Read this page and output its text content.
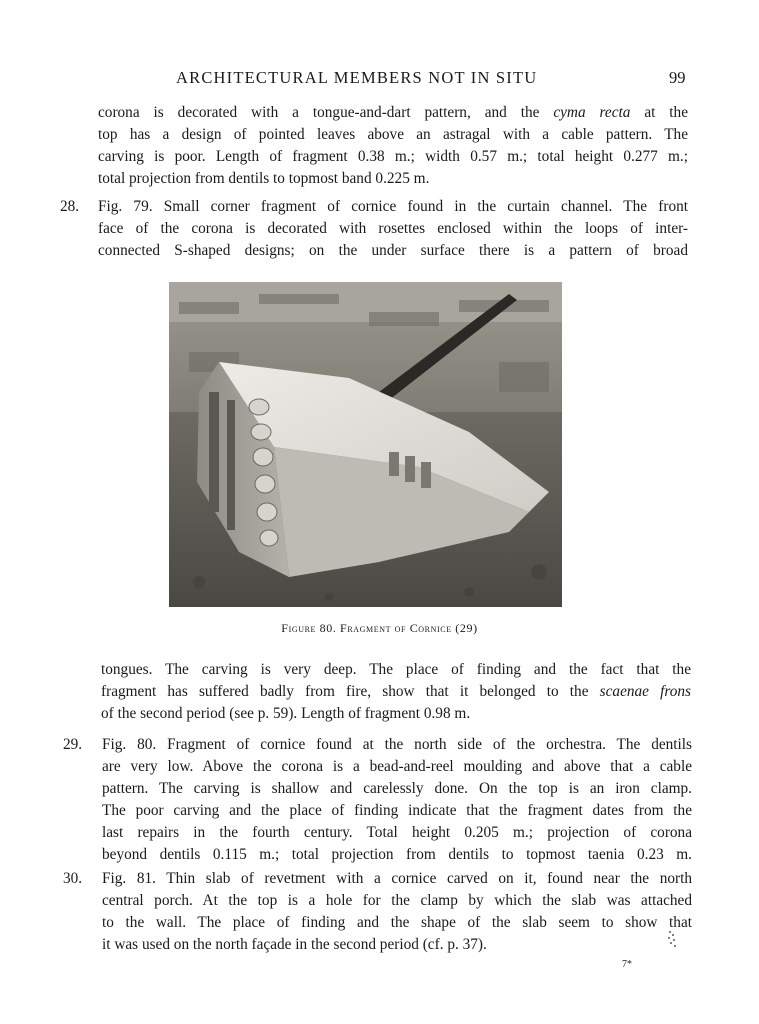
ARCHITECTURAL MEMBERS NOT IN SITU	99
corona is decorated with a tongue-and-dart pattern, and the cyma recta at the
top has a design of pointed leaves above an astragal with a cable pattern. The
carving is poor. Length of fragment 0.38 m.; width 0.57 m.; total height 0.277 m.;
total projection from dentils to topmost band 0.225 m.
28. Fig. 79. Small corner fragment of cornice found in the curtain channel. The front
face of the corona is decorated with rosettes enclosed within the loops of inter-
connected S-shaped designs; on the under surface there is a pattern of broad
Figure 80. Fragment of Cornice (29)
tongues. The carving is very deep. The place of finding and the fact that the
fragment has suffered badly from fire, show that it belonged to the scaenae frons
of the second period (see p. 59). Length of fragment 0.98 m.
29. Fig. 80. Fragment of cornice found at the north side of the orchestra. The dentils
are very low. Above the corona is a bead-and-reel moulding and above that a cable
pattern. The carving is shallow and carelessly done. On the top is an iron clamp.
The poor carving and the place of finding indicate that the fragment dates from the
last repairs in the fourth century. Total height 0.205 m.; projection of corona
beyond dentils 0.115 m.; total projection from dentils to topmost taenia 0.23 m.
30. Fig. 81. Thin slab of revetment with a cornice carved on it, found near the north
central porch. At the top is a hole for the clamp by which the slab was attached
to the wall. The place of finding and the shape of the slab seem to show that
it was used on the north façade in the second period (cf. p. 37).
7*
